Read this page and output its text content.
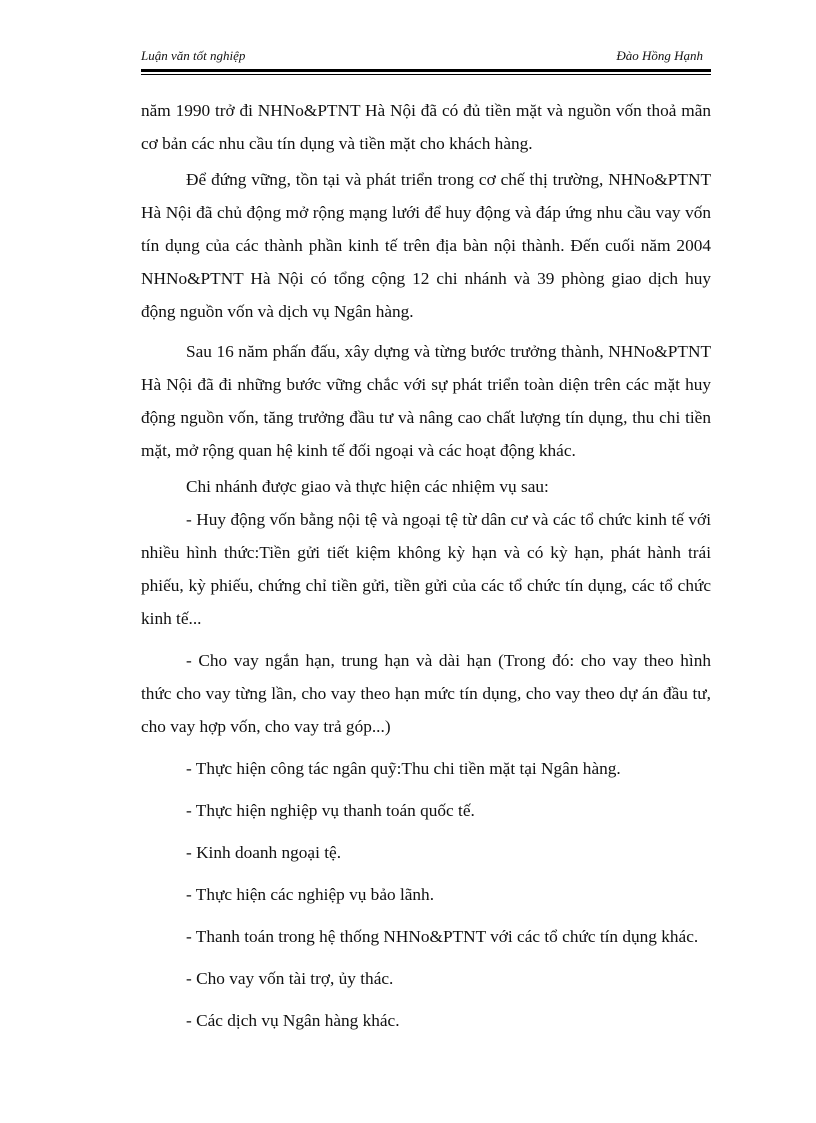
Luận văn tốt nghiệp	Đào Hồng Hạnh

năm 1990 trở đi NHNo&PTNT Hà Nội đã có đủ tiền mặt và nguồn vốn thoả mãn cơ bản các nhu cầu tín dụng và tiền mặt cho khách hàng.

Để đứng vững, tồn tại và phát triển trong cơ chế thị trường, NHNo&PTNT Hà Nội đã chủ động mở rộng mạng lưới để huy động và đáp ứng nhu cầu vay vốn tín dụng của các thành phần kinh tế trên địa bàn nội thành. Đến cuối năm 2004 NHNo&PTNT Hà Nội có tổng cộng 12 chi nhánh và 39 phòng giao dịch huy động nguồn vốn và dịch vụ Ngân hàng.

Sau 16 năm phấn đấu, xây dựng và từng bước trưởng thành, NHNo&PTNT Hà Nội đã đi những bước vững chắc với sự phát triển toàn diện trên các mặt huy động nguồn vốn, tăng trưởng đầu tư và nâng cao chất lượng tín dụng, thu chi tiền mặt, mở rộng quan hệ kinh tế đối ngoại và các hoạt động khác.

Chi nhánh được giao và thực hiện các nhiệm vụ sau:

- Huy động vốn bằng nội tệ và ngoại tệ từ dân cư và các tổ chức kinh tế với nhiều hình thức:Tiền gửi tiết kiệm không kỳ hạn và có kỳ hạn, phát hành trái phiếu, kỳ phiếu, chứng chỉ tiền gửi, tiền gửi của các tổ chức tín dụng, các tổ chức kinh tế...

- Cho vay ngắn hạn, trung hạn và dài hạn (Trong đó: cho vay theo hình thức cho vay từng lần, cho vay theo hạn mức tín dụng, cho vay theo dự án đầu tư, cho vay hợp vốn, cho vay trả góp...)

- Thực hiện công tác ngân quỹ:Thu chi tiền mặt tại Ngân hàng.

- Thực hiện nghiệp vụ thanh toán quốc tế.

- Kinh doanh ngoại tệ.

- Thực hiện các nghiệp vụ bảo lãnh.

- Thanh toán trong hệ thống NHNo&PTNT với các tổ chức tín dụng khác.

- Cho vay vốn tài trợ, ủy thác.

- Các dịch vụ Ngân hàng khác.
